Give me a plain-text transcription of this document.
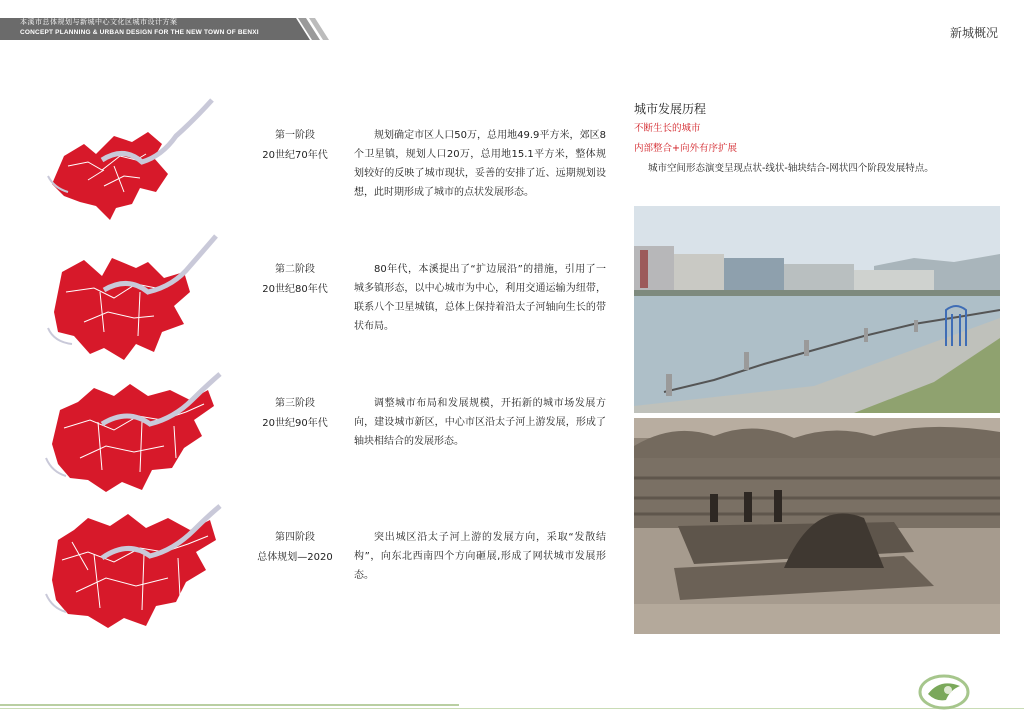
本溪市总体规划与新城中心文化区城市设计方案
CONCEPT PLANNING & URBAN DESIGN FOR THE NEW TOWN OF BENXI	新城概况
第一阶段
20世纪70年代
第二阶段
20世纪80年代
第三阶段
20世纪90年代
第四阶段
总体规划—2020
规划确定市区人口50万，总用地49.9平方米，郊区8个卫星镇，规划人口20万，总用地15.1平方米，整体规划较好的反映了城市现状，妥善的安排了近、远期规划设想，此时期形成了城市的点状发展形态。
80年代，本溪提出了“扩边展沿”的措施，引用了一城多镇形态，以中心城市为中心，利用交通运输为纽带，联系八个卫星城镇，总体上保持着沿太子河轴向生长的带状布局。
调整城市布局和发展规模，开拓新的城市场发展方向，建设城市新区，中心市区沿太子河上游发展，形成了轴块相结合的发展形态。
突出城区沿太子河上游的发展方向，采取“发散结构”，向东北西南四个方向砸展,形成了网状城市发展形态。
城市发展历程
不断生长的城市
内部整合+向外有序扩展
城市空间形态演变呈现点状-线状-轴块结合-网状四个阶段发展特点。
